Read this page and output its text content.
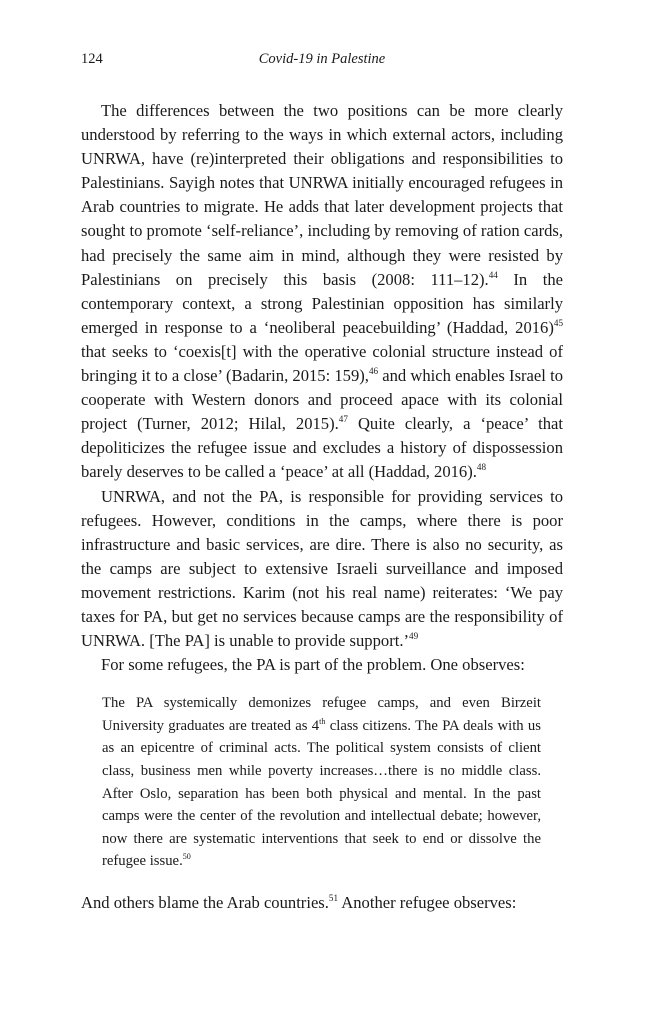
124	Covid-19 in Palestine

The differences between the two positions can be more clearly understood by referring to the ways in which external actors, including UNRWA, have (re)interpreted their obligations and responsibilities to Palestinians. Sayigh notes that UNRWA initially encouraged refugees in Arab countries to migrate. He adds that later development projects that sought to promote ‘self-reliance’, including by removing of ration cards, had precisely the same aim in mind, although they were resisted by Palestinians on precisely this basis (2008: 111–12).$^{44}$ In the contemporary context, a strong Palestinian opposition has similarly emerged in response to a ‘neoliberal peacebuilding’ (Haddad, 2016)$^{45}$ that seeks to ‘coexis[t] with the operative colonial structure instead of bringing it to a close’ (Badarin, 2015: 159),$^{46}$ and which enables Israel to cooperate with Western donors and proceed apace with its colonial project (Turner, 2012; Hilal, 2015).$^{47}$ Quite clearly, a ‘peace’ that depoliticizes the refugee issue and excludes a history of dispossession barely deserves to be called a ‘peace’ at all (Haddad, 2016).$^{48}$

UNRWA, and not the PA, is responsible for providing services to refugees. However, conditions in the camps, where there is poor infrastructure and basic services, are dire. There is also no security, as the camps are subject to extensive Israeli surveillance and imposed movement restrictions. Karim (not his real name) reiterates: ‘We pay taxes for PA, but get no services because camps are the responsibility of UNRWA. [The PA] is unable to provide support.’$^{49}$

For some refugees, the PA is part of the problem. One observes:

The PA systemically demonizes refugee camps, and even Birzeit University graduates are treated as 4th class citizens. The PA deals with us as an epicentre of criminal acts. The political system consists of client class, business men while poverty increases…there is no middle class. After Oslo, separation has been both physical and mental. In the past camps were the center of the revolution and intellectual debate; however, now there are systematic interventions that seek to end or dissolve the refugee issue.$^{50}$

And others blame the Arab countries.$^{51}$ Another refugee observes:
